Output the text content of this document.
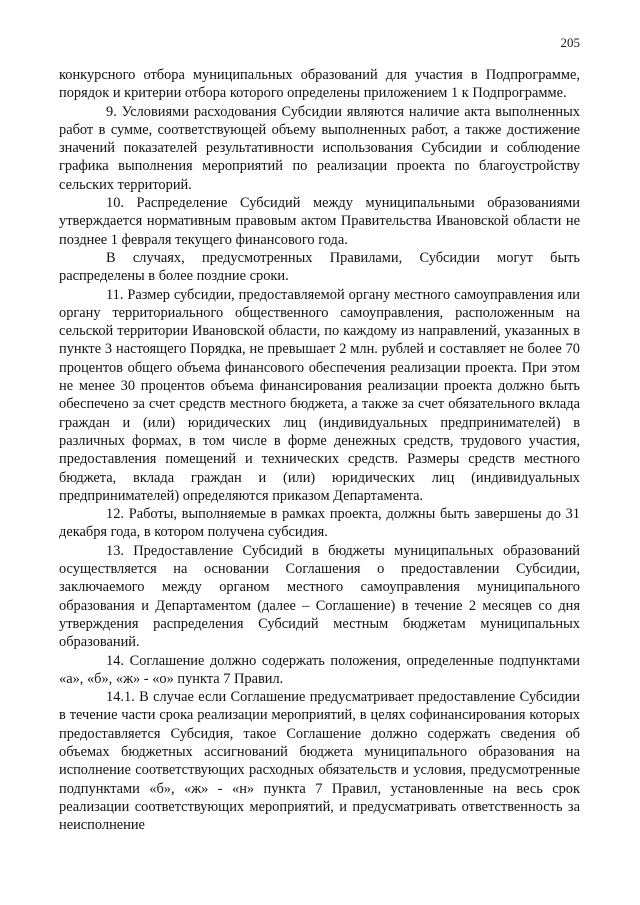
205

конкурсного отбора муниципальных образований для участия в Подпрограмме, порядок и критерии отбора которого определены приложением 1 к Подпрограмме.

9. Условиями расходования Субсидии являются наличие акта выполненных работ в сумме, соответствующей объему выполненных работ, а также достижение значений показателей результативности использования Субсидии и соблюдение графика выполнения мероприятий по реализации проекта по благоустройству сельских территорий.

10. Распределение Субсидий между муниципальными образованиями утверждается нормативным правовым актом Правительства Ивановской области не позднее 1 февраля текущего финансового года.

В случаях, предусмотренных Правилами, Субсидии могут быть распределены в более поздние сроки.

11. Размер субсидии, предоставляемой органу местного самоуправления или органу территориального общественного самоуправления, расположенным на сельской территории Ивановской области, по каждому из направлений, указанных в пункте 3 настоящего Порядка, не превышает 2 млн. рублей и составляет не более 70 процентов общего объема финансового обеспечения реализации проекта. При этом не менее 30 процентов объема финансирования реализации проекта должно быть обеспечено за счет средств местного бюджета, а также за счет обязательного вклада граждан и (или) юридических лиц (индивидуальных предпринимателей) в различных формах, в том числе в форме денежных средств, трудового участия, предоставления помещений и технических средств. Размеры средств местного бюджета, вклада граждан и (или) юридических лиц (индивидуальных предпринимателей) определяются приказом Департамента.

12. Работы, выполняемые в рамках проекта, должны быть завершены до 31 декабря года, в котором получена субсидия.

13. Предоставление Субсидий в бюджеты муниципальных образований осуществляется на основании Соглашения о предоставлении Субсидии, заключаемого между органом местного самоуправления муниципального образования и Департаментом (далее – Соглашение) в течение 2 месяцев со дня утверждения распределения Субсидий местным бюджетам муниципальных образований.

14. Соглашение должно содержать положения, определенные подпунктами «а», «б», «ж» - «о» пункта 7 Правил.

14.1. В случае если Соглашение предусматривает предоставление Субсидии в течение части срока реализации мероприятий, в целях софинансирования которых предоставляется Субсидия, такое Соглашение должно содержать сведения об объемах бюджетных ассигнований бюджета муниципального образования на исполнение соответствующих расходных обязательств и условия, предусмотренные подпунктами «б», «ж» - «н» пункта 7 Правил, установленные на весь срок реализации соответствующих мероприятий, и предусматривать ответственность за неисполнение
